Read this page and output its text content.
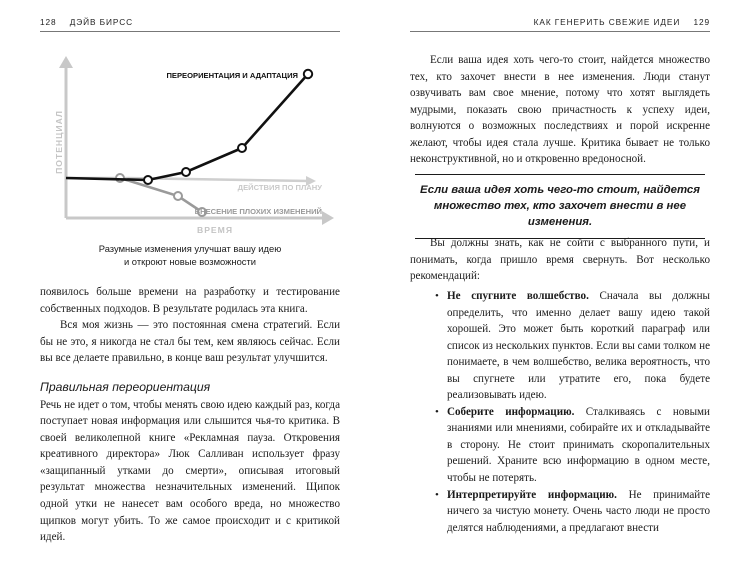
128 ДЭЙВ БИРСС
ПОТЕНЦИАЛ
ВРЕМЯ
ДЕЙСТВИЯ ПО ПЛАНУ
ВНЕСЕНИЕ ПЛОХИХ ИЗМЕНЕНИЙ
ПЕРЕОРИЕНТАЦИЯ И АДАПТАЦИЯ
Разумные изменения улучшат вашу идею
и откроют новые возможности

появилось больше времени на разработку и тестирование собственных подходов. В результате родилась эта книга.

Вся моя жизнь — это постоянная смена стратегий. Если бы не это, я никогда не стал бы тем, кем являюсь сейчас. Если вы все делаете правильно, в конце ваш результат улучшится.

Правильная переориентация

Речь не идет о том, чтобы менять свою идею каждый раз, когда поступает новая информация или слышится чья-то критика. В своей великолепной книге «Рекламная пауза. Откровения креативного директора» Люк Салливан использует фразу «защипанный утками до смерти», описывая итоговый результат множества незначительных изменений. Щипок одной утки не нанесет вам особого вреда, но множество щипков могут убить. То же самое происходит и с критикой идей.

КАК ГЕНЕРИТЬ СВЕЖИЕ ИДЕИ 129

Если ваша идея хоть чего-то стоит, найдется множество тех, кто захочет внести в нее изменения. Люди станут озвучивать вам свое мнение, потому что хотят выглядеть мудрыми, показать свою причастность к успеху идеи, волнуются о возможных последствиях и порой искренне желают, чтобы идея стала лучше. Критика бывает не только неконструктивной, но и откровенно вредоносной.

Если ваша идея хоть чего-то стоит, найдется множество тех, кто захочет внести в нее изменения.

Вы должны знать, как не сойти с выбранного пути, и понимать, когда пришло время свернуть. Вот несколько рекомендаций:

• Не спугните волшебство. Сначала вы должны определить, что именно делает вашу идею такой хорошей. Это может быть короткий параграф или список из нескольких пунктов. Если вы сами толком не понимаете, в чем волшебство, велика вероятность, что вы спугнете или утратите его, пока будете реализовывать идею.
• Соберите информацию. Сталкиваясь с новыми знаниями или мнениями, собирайте их и откладывайте в сторону. Не стоит принимать скоропалительных решений. Храните всю информацию в одном месте, чтобы не потерять.
• Интерпретируйте информацию. Не принимайте ничего за чистую монету. Очень часто люди не просто делятся наблюдениями, а предлагают внести
